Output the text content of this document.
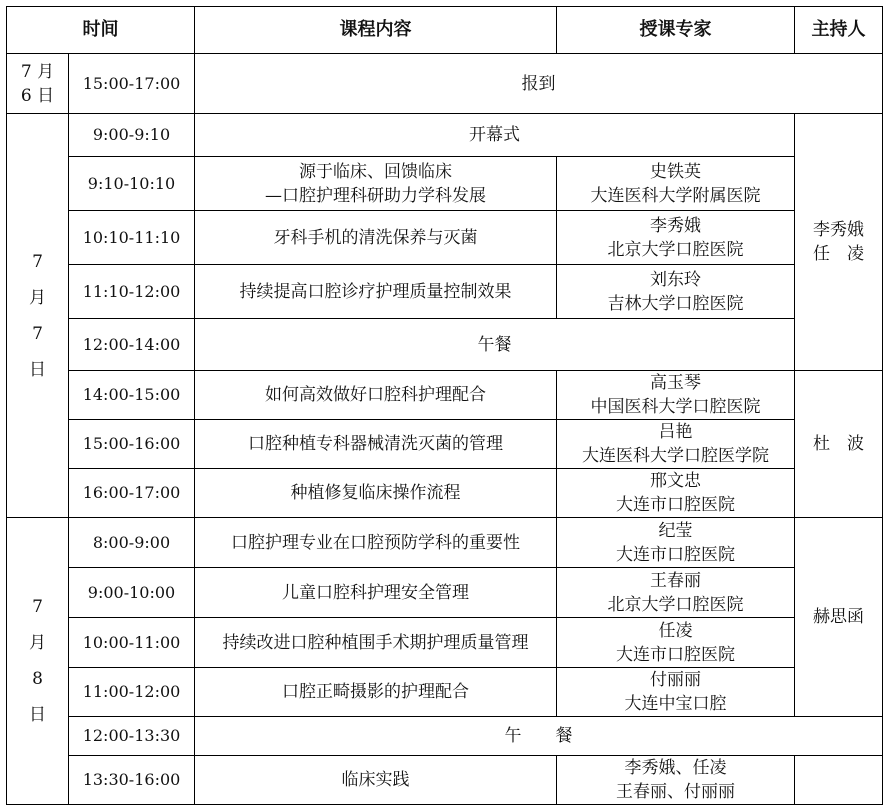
时间		课程内容	授课专家	主持人

7 月
6 日	15:00-17:00	报到		

7
月
7
日	9:00-9:10	开幕式		李秀娥
任　凌

	9:10-10:10	源于临床、回馈临床
—口腔护理科研助力学科发展	史铁英
大连医科大学附属医院	

	10:10-11:10	牙科手机的清洗保养与灭菌	李秀娥
北京大学口腔医院	

	11:10-12:00	持续提高口腔诊疗护理质量控制效果	刘东玲
吉林大学口腔医院	

	12:00-14:00	午餐		

	14:00-15:00	如何高效做好口腔科护理配合	高玉琴
中国医科大学口腔医院	杜　波

	15:00-16:00	口腔种植专科器械清洗灭菌的管理	吕艳
大连医科大学口腔医学院	

	16:00-17:00	种植修复临床操作流程	邢文忠
大连市口腔医院	

7
月
8
日	8:00-9:00	口腔护理专业在口腔预防学科的重要性	纪莹
大连市口腔医院	赫思函

	9:00-10:00	儿童口腔科护理安全管理	王春丽
北京大学口腔医院	

	10:00-11:00	持续改进口腔种植围手术期护理质量管理	任凌
大连市口腔医院	

	11:00-12:00	口腔正畸摄影的护理配合	付丽丽
大连中宝口腔	

	12:00-13:30	午　　餐		

	13:30-16:00	临床实践	李秀娥、任凌
王春丽、付丽丽	
